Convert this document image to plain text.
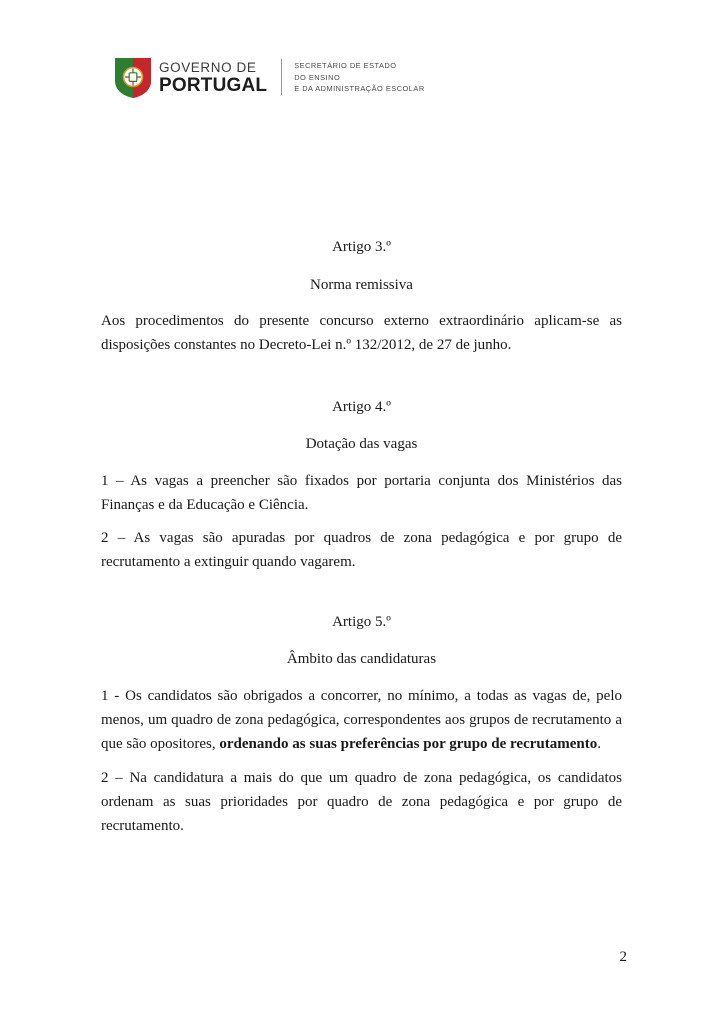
GOVERNO DE
PORTUGAL
SECRETÁRIO DE ESTADO
DO ENSINO
E DA ADMINISTRAÇÃO ESCOLAR

Artigo 3.º

Norma remissiva

Aos procedimentos do presente concurso externo extraordinário aplicam-se as disposições constantes no Decreto-Lei n.º 132/2012, de 27 de junho.

Artigo 4.º

Dotação das vagas

1 – As vagas a preencher são fixados por portaria conjunta dos Ministérios das Finanças e da Educação e Ciência.

2 – As vagas são apuradas por quadros de zona pedagógica e por grupo de recrutamento a extinguir quando vagarem.

Artigo 5.º

Âmbito das candidaturas

1 - Os candidatos são obrigados a concorrer, no mínimo, a todas as vagas de, pelo menos, um quadro de zona pedagógica, correspondentes aos grupos de recrutamento a que são opositores, ordenando as suas preferências por grupo de recrutamento.

2 – Na candidatura a mais do que um quadro de zona pedagógica, os candidatos ordenam as suas prioridades por quadro de zona pedagógica e por grupo de recrutamento.

2
